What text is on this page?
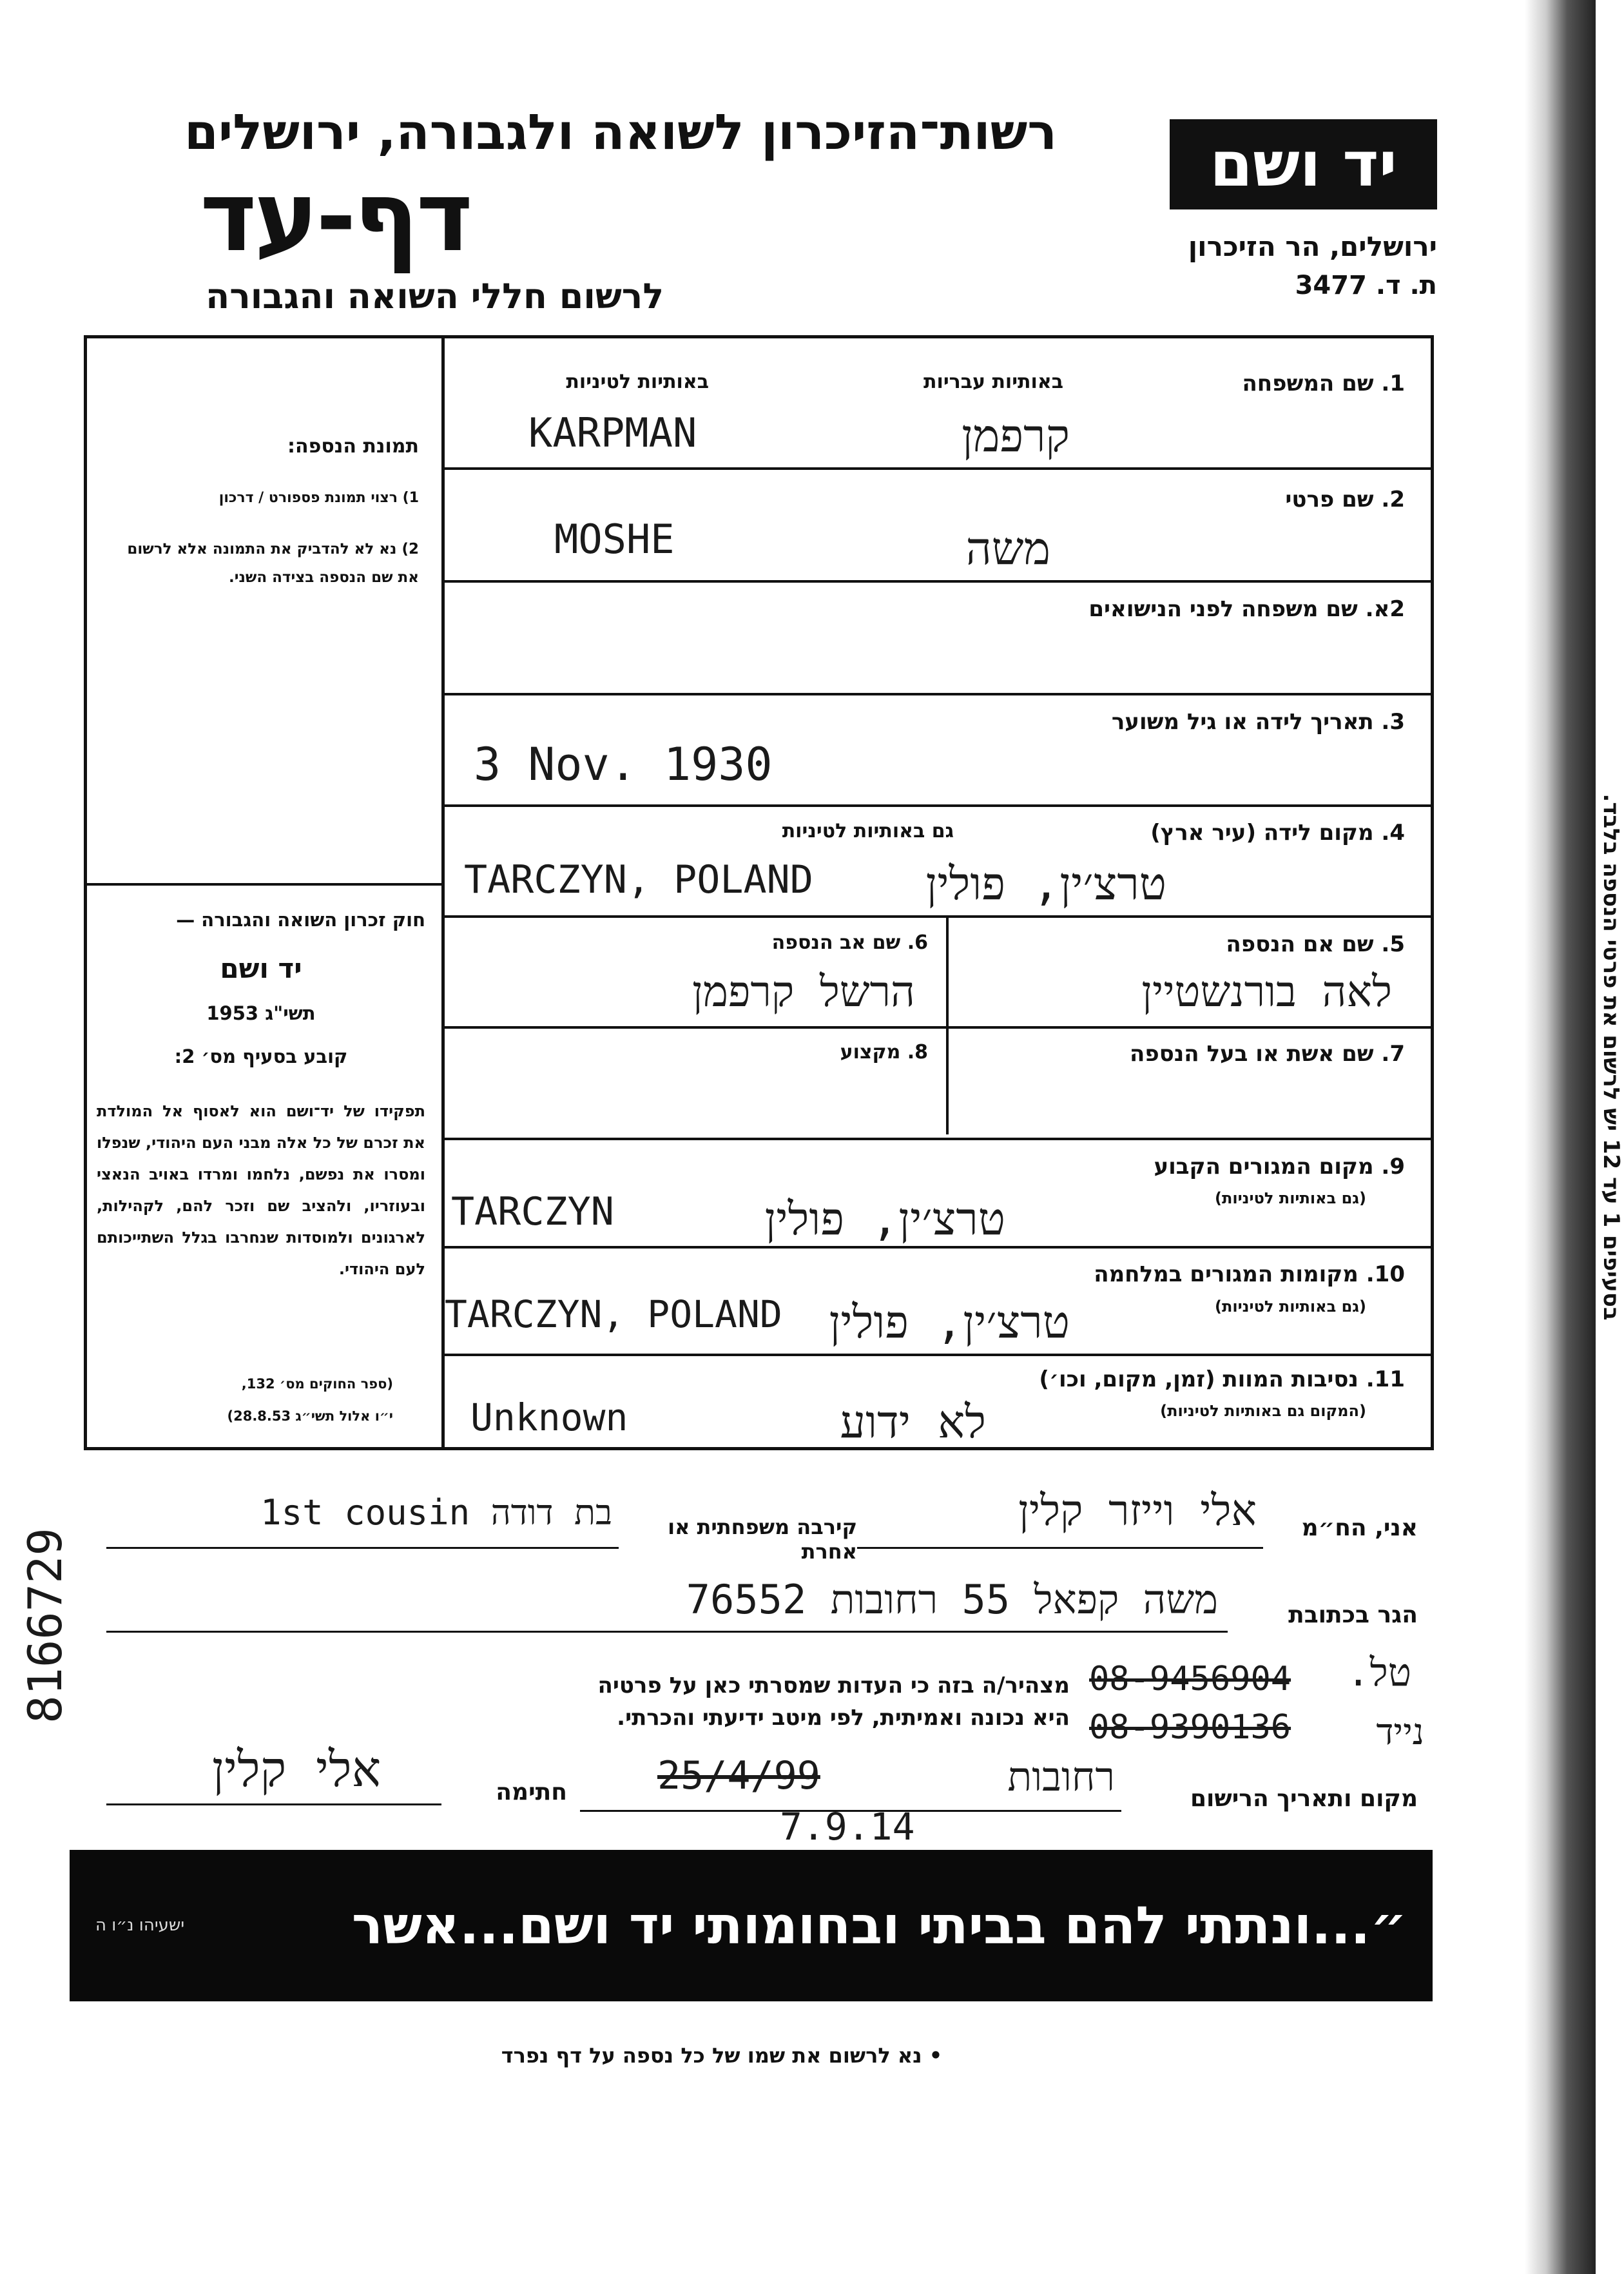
רשות־הזיכרון לשואה ולגבורה, ירושלים
דף-עד
לרשום חללי השואה והגבורה
יד ושם
ירושלים, הר הזיכרון
ת. ד. 3477
תמונת הנספה:
1) רצוי תמונת פספורט / דרכון
2) נא לא להדביק את התמונה אלא לרשום את שם הנספה בצידה השני.
חוק זכרון השואה והגבורה —
יד ושם
תשי"ג 1953
קובע בסעיף מס׳ 2:
תפקידו של יד־ושם הוא לאסוף אל המולדת את זכרם של כל אלה מבני העם היהודי, שנפלו ומסרו את נפשם, נלחמו ומרדו באויב הנאצי ובעוזריו, ולהציב שם וזכר להם, לקהילות, לארגונים ולמוסדות שנחרבו בגלל השתייכותם לעם היהודי.
(ספר החוקים מס׳ 132,
י״ו אלול תשי״ג 28.8.53)
1. שם המשפחה
באותיות עבריות
באותיות לטיניות
KARPMAN	קרפמן
2. שם פרטי
MOSHE	משה
2א. שם משפחה לפני הנישואים
3. תאריך לידה או גיל משוער
3 Nov. 1930
4. מקום לידה (עיר ארץ)
גם באותיות לטיניות
TARCZYN, POLAND	טרצ׳ין, פולין
5. שם אם הנספה
לאה בורנשטיין
6. שם אב הנספה
הרשל קרפמן
7. שם אשת או בעל הנספה
8. מקצוע
9. מקום המגורים הקבוע
(גם באותיות לטיניות)
TARCZYN	טרצ׳ין, פולין
10. מקומות המגורים במלחמה
(גם באותיות לטיניות)
TARCZYN, POLAND	טרצ׳ין, פולין
11. נסיבות המוות (זמן, מקום, וכו׳)
(המקום גם באותיות לטיניות)
Unknown	לא ידוע
בסעיפים 1 עד 12 יש לרשום את פרטי הנספה בלבד.
8166729	אני, הח״מ
אלי וייזר קלין
קירבה משפחתית או אחרת
בת דודה 1st cousin
הגר בכתובת
משה קפאל 55 רחובות 76552
טל.
08-9456904
08-9390136	נייד
מצהיר/ה בזה כי העדות שמסרתי כאן על פרטיה
היא נכונה ואמיתית, לפי מיטב ידיעתי והכרתי.
מקום ותאריך הרישום
רחובות
25/4/99
7.9.14
חתימה
אלי קלין
״...ונתתי להם בביתי ובחומותי יד ושם...אשר לא יכרת״
ישעיהו נ״ו ה
• נא לרשום את שמו של כל נספה על דף נפרד
